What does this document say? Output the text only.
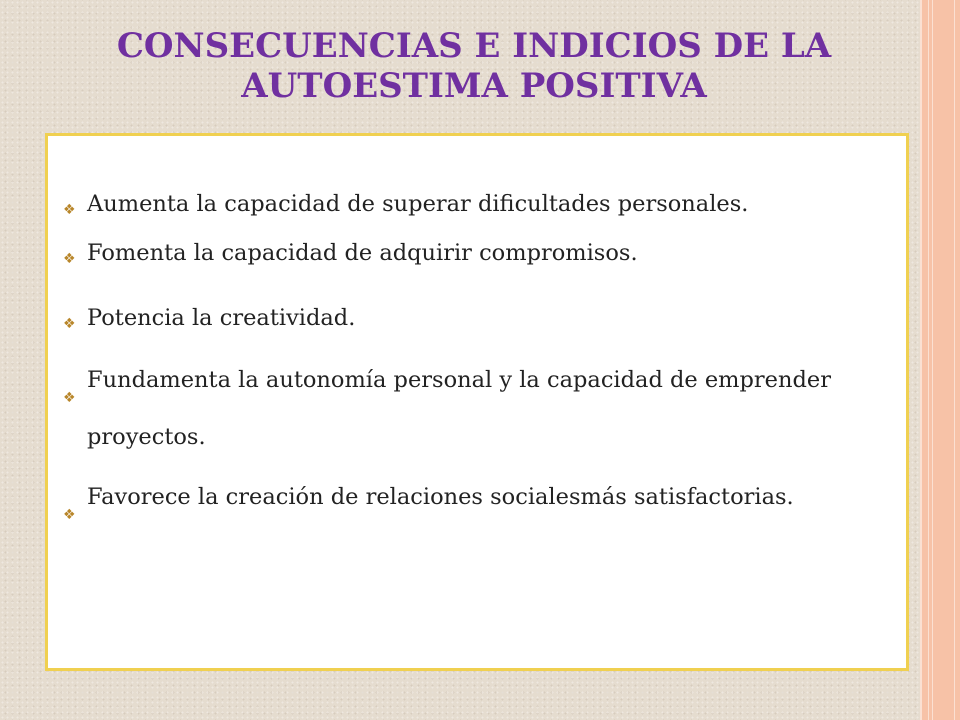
CONSECUENCIAS E INDICIOS DE LA
AUTOESTIMA POSITIVA
❖ Aumenta la capacidad de superar dificultades personales.
❖ Fomenta la capacidad de adquirir compromisos.
❖ Potencia la creatividad.
❖
Fundamenta la autonomía personal y la capacidad de emprender proyectos.
❖
Favorece la creación de relaciones socialesmás satisfactorias.
